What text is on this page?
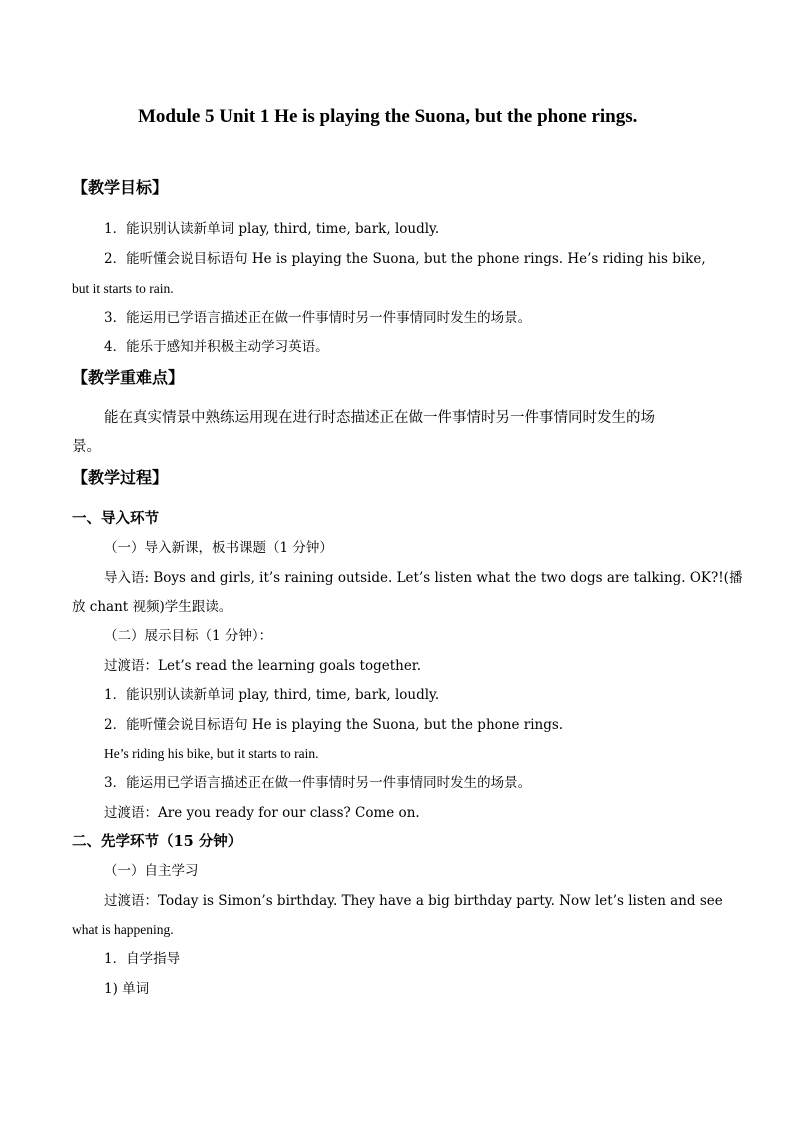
Module 5 Unit 1 He is playing the Suona, but the phone rings.
【教学目标】
1．能识别认读新单词 play, third, time, bark, loudly.
2．能听懂会说目标语句 He is playing the Suona, but the phone rings. He’s riding his bike,
but it starts to rain.
3．能运用已学语言描述正在做一件事情时另一件事情同时发生的场景。
4．能乐于感知并积极主动学习英语。
【教学重难点】
能在真实情景中熟练运用现在进行时态描述正在做一件事情时另一件事情同时发生的场
景。
【教学过程】
一、导入环节
（一）导入新课，板书课题（1 分钟）
导入语: Boys and girls, it’s raining outside. Let’s listen what the two dogs are talking. OK?!(播
放 chant 视频)学生跟读。
（二）展示目标（1 分钟）：
过渡语：Let’s read the learning goals together.
1．能识别认读新单词 play, third, time, bark, loudly.
2．能听懂会说目标语句 He is playing the Suona, but the phone rings.
He’s riding his bike, but it starts to rain.
3．能运用已学语言描述正在做一件事情时另一件事情同时发生的场景。
过渡语：Are you ready for our class? Come on.
二、先学环节（15 分钟）
（一）自主学习
过渡语：Today is Simon’s birthday. They have a big birthday party. Now let’s listen and see
what is happening.
1．自学指导
1) 单词
